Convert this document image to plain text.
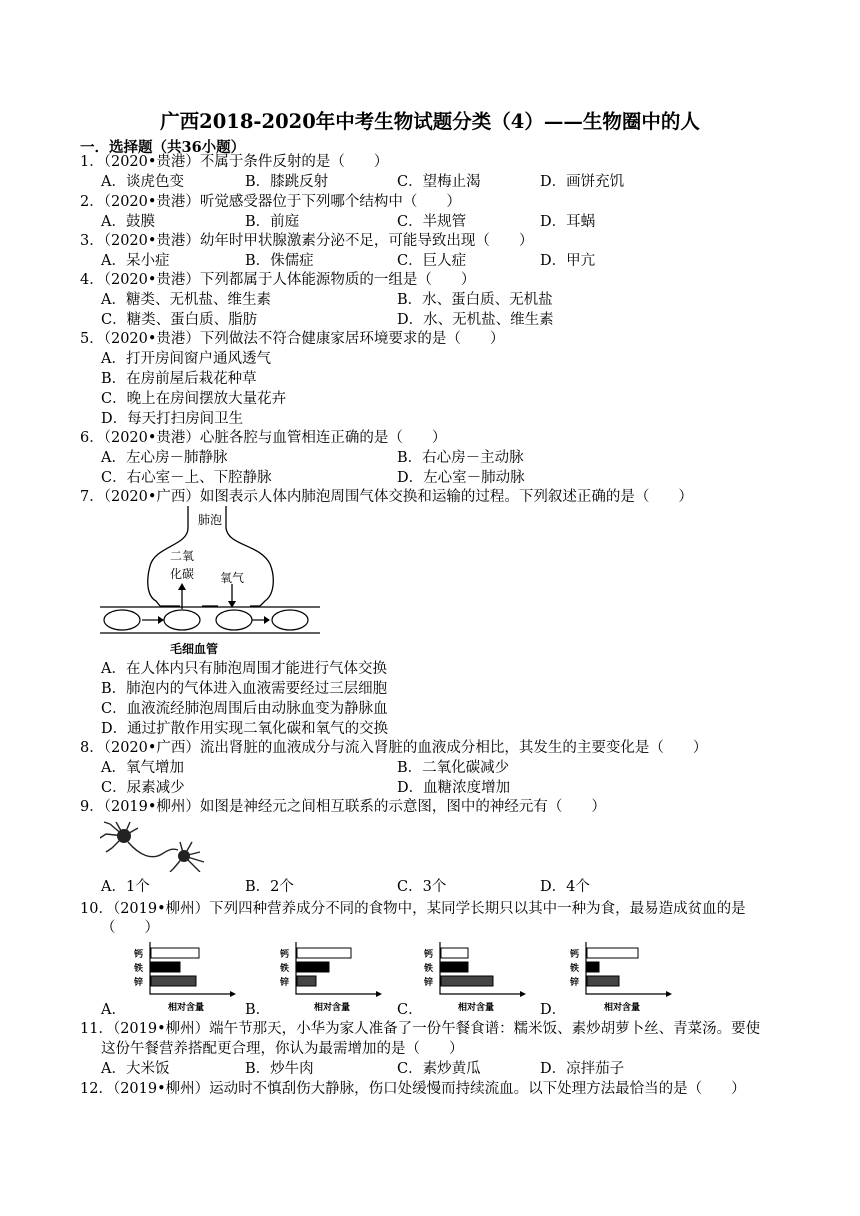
广西2018-2020年中考生物试题分类（4）——生物圈中的人
一．选择题（共36小题）
1．（2020•贵港）不属于条件反射的是（　　）
A．谈虎色变	B．膝跳反射	C．望梅止渴	D．画饼充饥
2．（2020•贵港）听觉感受器位于下列哪个结构中（　　）
A．鼓膜	B．前庭	C．半规管	D．耳蜗
3．（2020•贵港）幼年时甲状腺激素分泌不足，可能导致出现（　　）
A．呆小症	B．侏儒症	C．巨人症	D．甲亢
4．（2020•贵港）下列都属于人体能源物质的一组是（　　）
A．糖类、无机盐、维生素	B．水、蛋白质、无机盐
C．糖类、蛋白质、脂肪	D．水、无机盐、维生素
5．（2020•贵港）下列做法不符合健康家居环境要求的是（　　）
A．打开房间窗户通风透气
B．在房前屋后栽花种草
C．晚上在房间摆放大量花卉
D．每天打扫房间卫生
6．（2020•贵港）心脏各腔与血管相连正确的是（　　）
A．左心房－肺静脉	B．右心房－主动脉
C．右心室－上、下腔静脉	D．左心室－肺动脉
7．（2020•广西）如图表示人体内肺泡周围气体交换和运输的过程。下列叙述正确的是（　　）
肺泡
二氧
化碳 氧气
毛细血管
A．在人体内只有肺泡周围才能进行气体交换
B．肺泡内的气体进入血液需要经过三层细胞
C．血液流经肺泡周围后由动脉血变为静脉血
D．通过扩散作用实现二氧化碳和氧气的交换
8．（2020•广西）流出肾脏的血液成分与流入肾脏的血液成分相比，其发生的主要变化是（　　）
A．氧气增加	B．二氧化碳减少
C．尿素减少	D．血糖浓度增加
9．（2019•柳州）如图是神经元之间相互联系的示意图，图中的神经元有（　　）
A．1个	B．2个	C．3个	D．4个
10．（2019•柳州）下列四种营养成分不同的食物中，某同学长期只以其中一种为食，最易造成贫血的是
（　　）
钙
铁
锌
相对含量
钙
铁
锌
相对含量
钙
铁
锌
相对含量
钙
铁
锌
相对含量
A．	B．	C．	D．
11．（2019•柳州）端午节那天，小华为家人准备了一份午餐食谱：糯米饭、素炒胡萝卜丝、青菜汤。要使
这份午餐营养搭配更合理，你认为最需增加的是（　　）
A．大米饭	B．炒牛肉	C．素炒黄瓜	D．凉拌茄子
12．（2019•柳州）运动时不慎刮伤大静脉，伤口处缓慢而持续流血。以下处理方法最恰当的是（　　）
